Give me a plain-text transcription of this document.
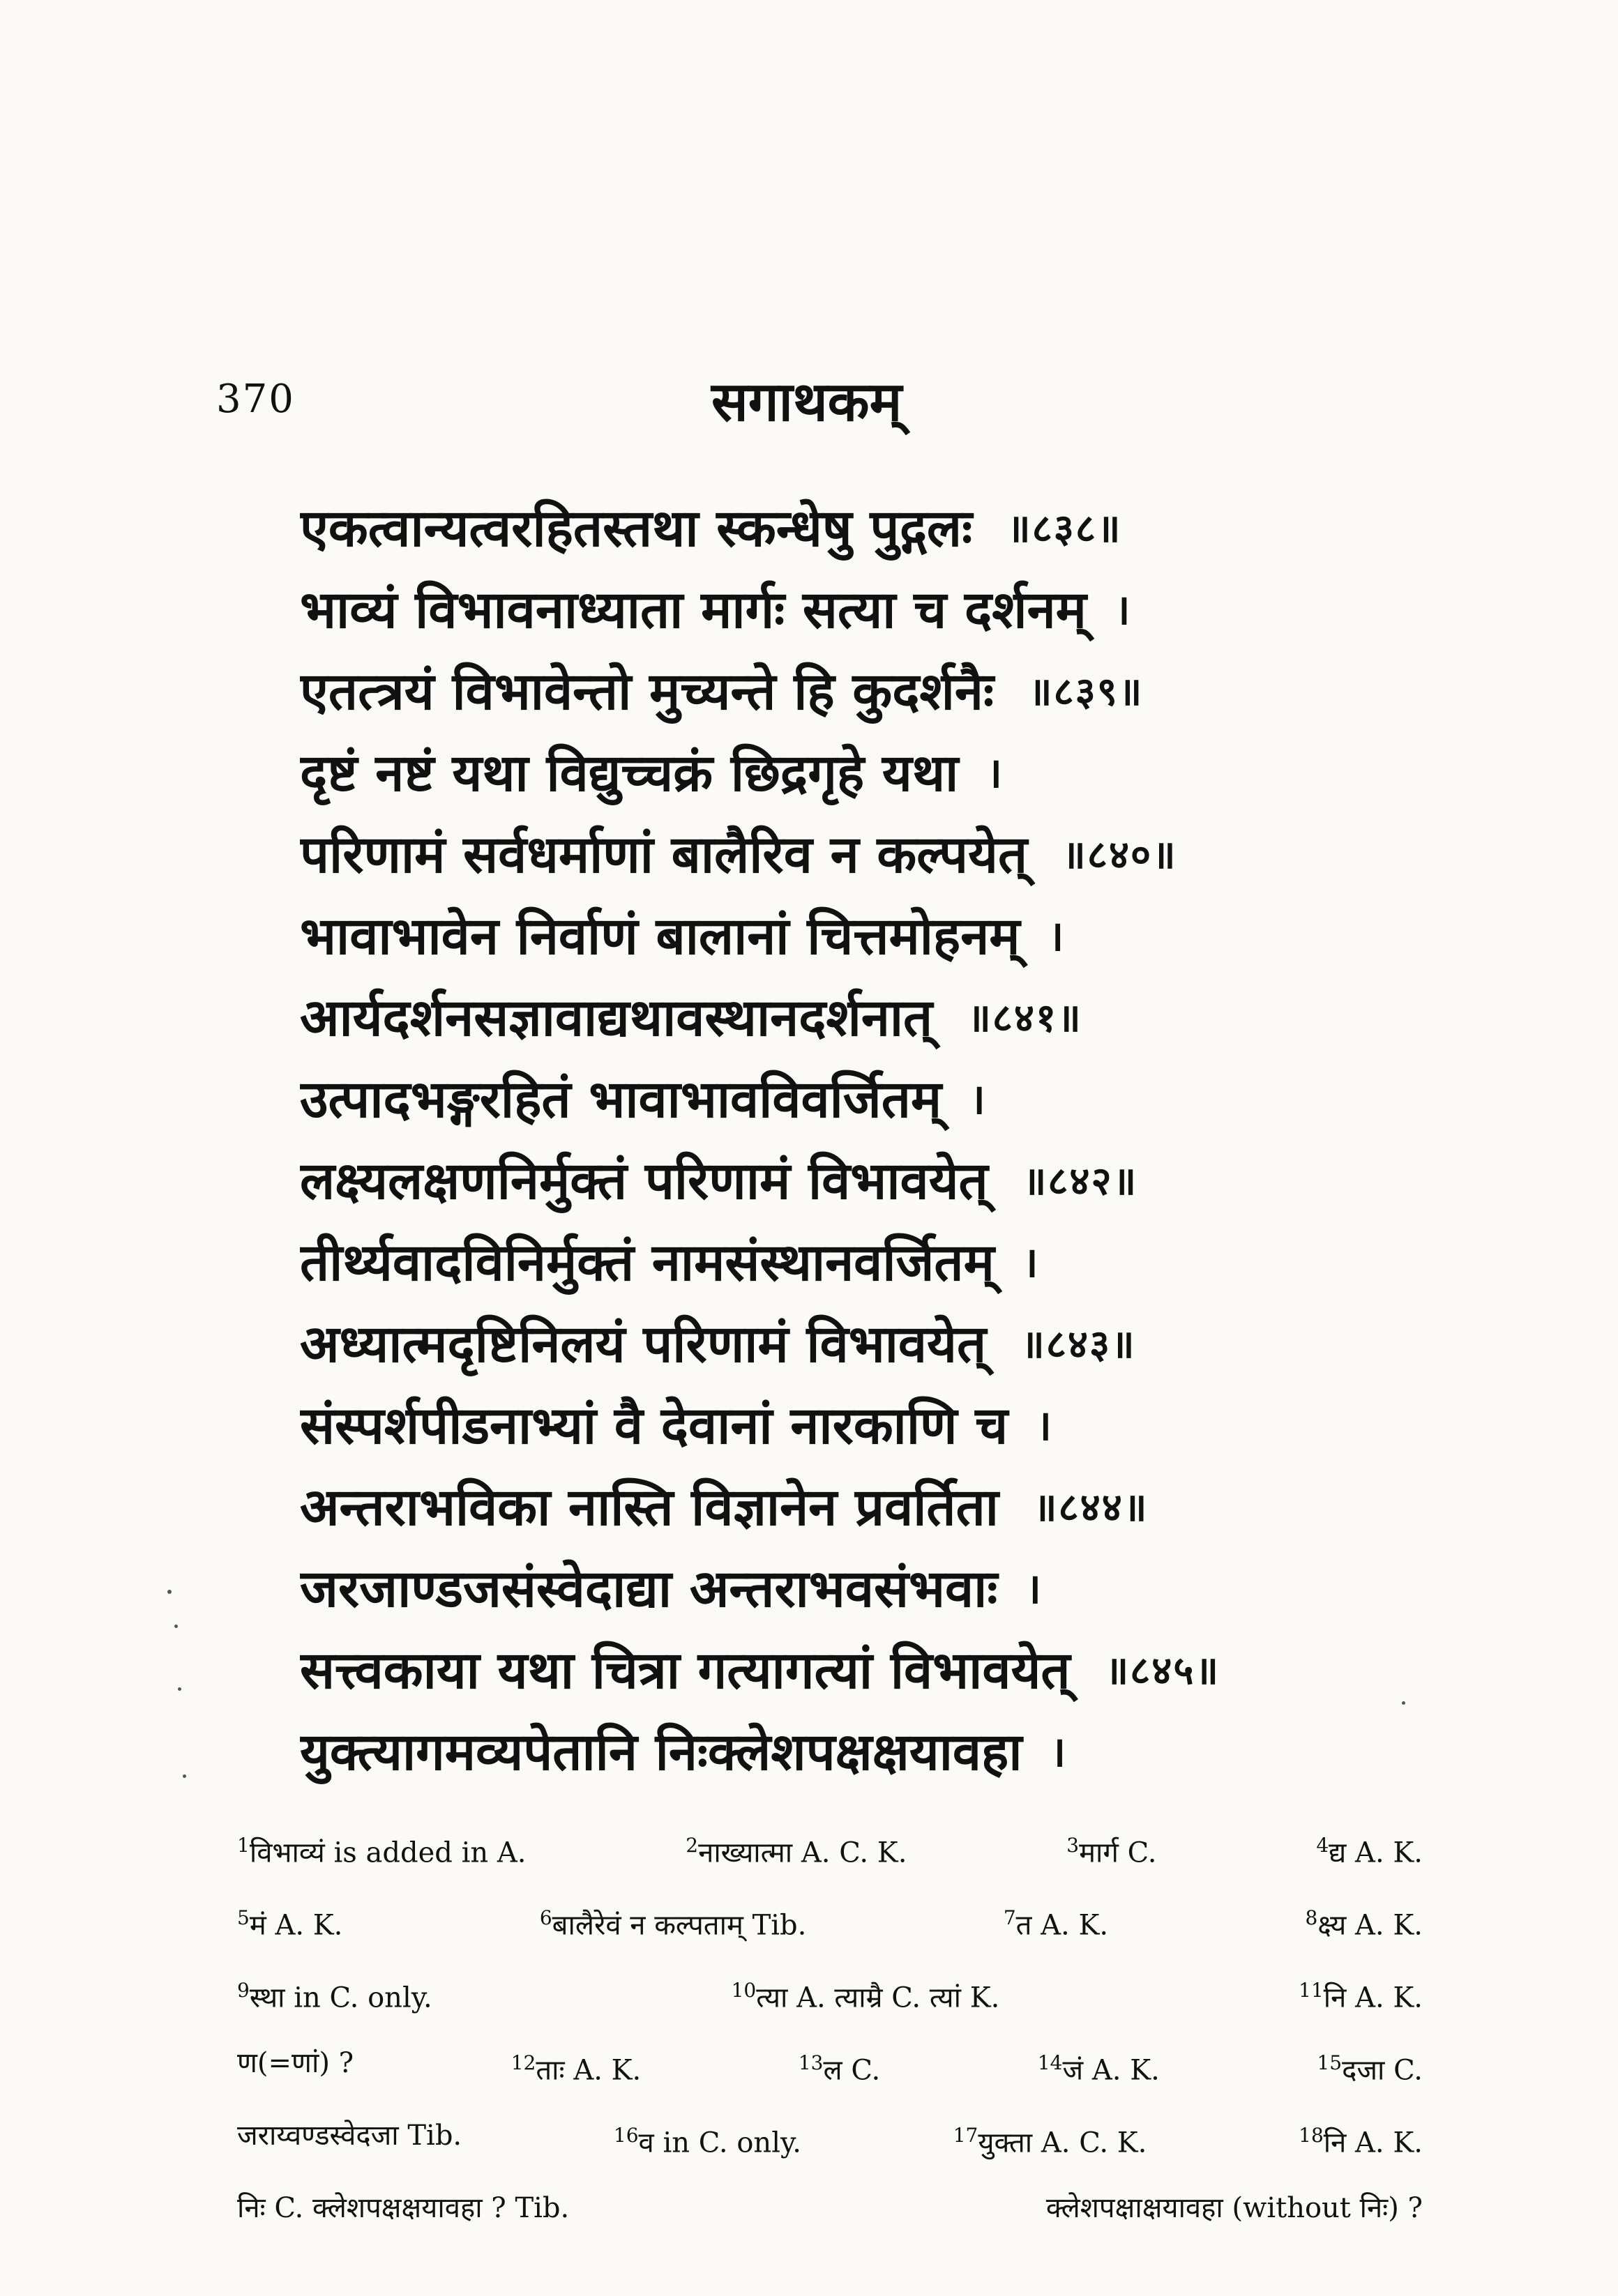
370	सगाथकम्
एकत्वान्यत्वरहितस्तथा स्कन्धेषु पुद्गलः ॥८३८॥
भाव्यं विभावनाध्याता मार्गः सत्या च दर्शनम् ।
एतत्त्रयं विभावेन्तो मुच्यन्ते हि कुदर्शनैः ॥८३९॥
दृष्टं नष्टं यथा विद्युच्चक्रं छिद्रगृहे यथा ।
परिणामं सर्वधर्माणां बालैरिव न कल्पयेत् ॥८४०॥
भावाभावेन निर्वाणं बालानां चित्तमोहनम् ।
आर्यदर्शनसज्ञावाद्यथावस्थानदर्शनात् ॥८४१॥
उत्पादभङ्गरहितं भावाभावविवर्जितम् ।
लक्ष्यलक्षणनिर्मुक्तं परिणामं विभावयेत् ॥८४२॥
तीर्थ्यवादविनिर्मुक्तं नामसंस्थानवर्जितम् ।
अध्यात्मदृष्टिनिलयं परिणामं विभावयेत् ॥८४३॥
संस्पर्शपीडनाभ्यां वै देवानां नारकाणि च ।
अन्तराभविका नास्ति विज्ञानेन प्रवर्तिता ॥८४४॥
जरजाण्डजसंस्वेदाद्या अन्तराभवसंभवाः ।
सत्त्वकाया यथा चित्रा गत्यागत्यां विभावयेत् ॥८४५॥
युक्त्यागमव्यपेतानि निःक्लेशपक्षक्षयावहा ।
$^1$विभाव्यं is added in A.	$^2$नाख्यात्मा A. C. K.	$^3$मार्ग C.	$^4$द्य A. K.
$^5$मं A. K.	$^6$बालैरेवं न कल्पताम् Tib.	$^7$त A. K.	$^8$क्ष्य A. K.
$^9$स्था in C. only.	$^{10}$त्या A. त्याम्रै C. त्यां K.	$^{11}$नि A. K.
ण(=णां) ?	$^{12}$ताः A. K.	$^{13}$ल C.	$^{14}$जं A. K.	$^{15}$दजा C.
जराय्वण्डस्वेदजा Tib.	$^{16}$व in C. only.	$^{17}$युक्ता A. C. K.	$^{18}$नि A. K.
निः C. क्लेशपक्षक्षयावहा ? Tib.	क्लेशपक्षाक्षयावहा (without निः) ?
